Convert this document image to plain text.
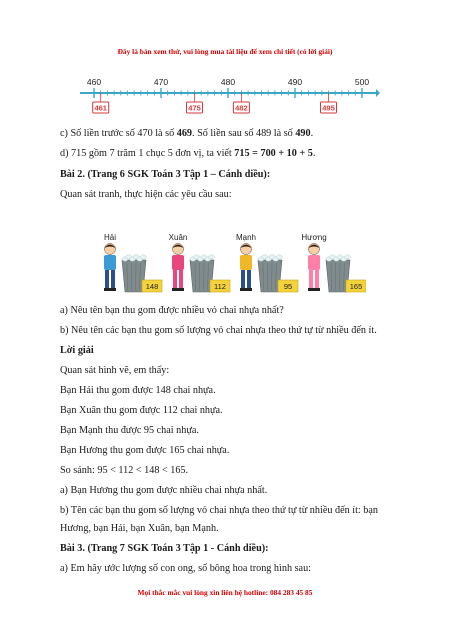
Đây là bản xem thử, vui lòng mua tài liệu để xem chi tiết (có lời giải)
460	470	480	490	500
461	475	482	495
c) Số liền trước số 470 là số 469. Số liền sau số 489 là số 490.
d) 715 gồm 7 trăm 1 chục 5 đơn vị, ta viết 715 = 700 + 10 + 5.
Bài 2. (Trang 6 SGK Toán 3 Tập 1 – Cánh diều):
Quan sát tranh, thực hiện các yêu cầu sau:
Hải
148
Xuân
112
Mạnh
95
Hương
165
a) Nêu tên bạn thu gom được nhiều vỏ chai nhựa nhất?
b) Nêu tên các bạn thu gom số lượng vỏ chai nhựa theo thứ tự từ nhiều đến ít.
Lời giải
Quan sát hình vẽ, em thấy:
Bạn Hải thu gom được 148 chai nhựa.
Bạn Xuân thu gom được 112 chai nhựa.
Bạn Mạnh thu được 95 chai nhựa.
Bạn Hương thu gom được 165 chai nhựa.
So sánh: 95 < 112 < 148 < 165.
a) Bạn Hương thu gom được nhiều chai nhựa nhất.
b) Tên các bạn thu gom số lượng vỏ chai nhựa theo thứ tự từ nhiều đến ít: bạn
Hương, bạn Hải, bạn Xuân, bạn Mạnh.
Bài 3. (Trang 7 SGK Toán 3 Tập 1 - Cánh diều):
a) Em hãy ước lượng số con ong, số bông hoa trong hình sau:
Mọi thắc mắc vui lòng xin liên hệ hotline: 084 283 45 85
